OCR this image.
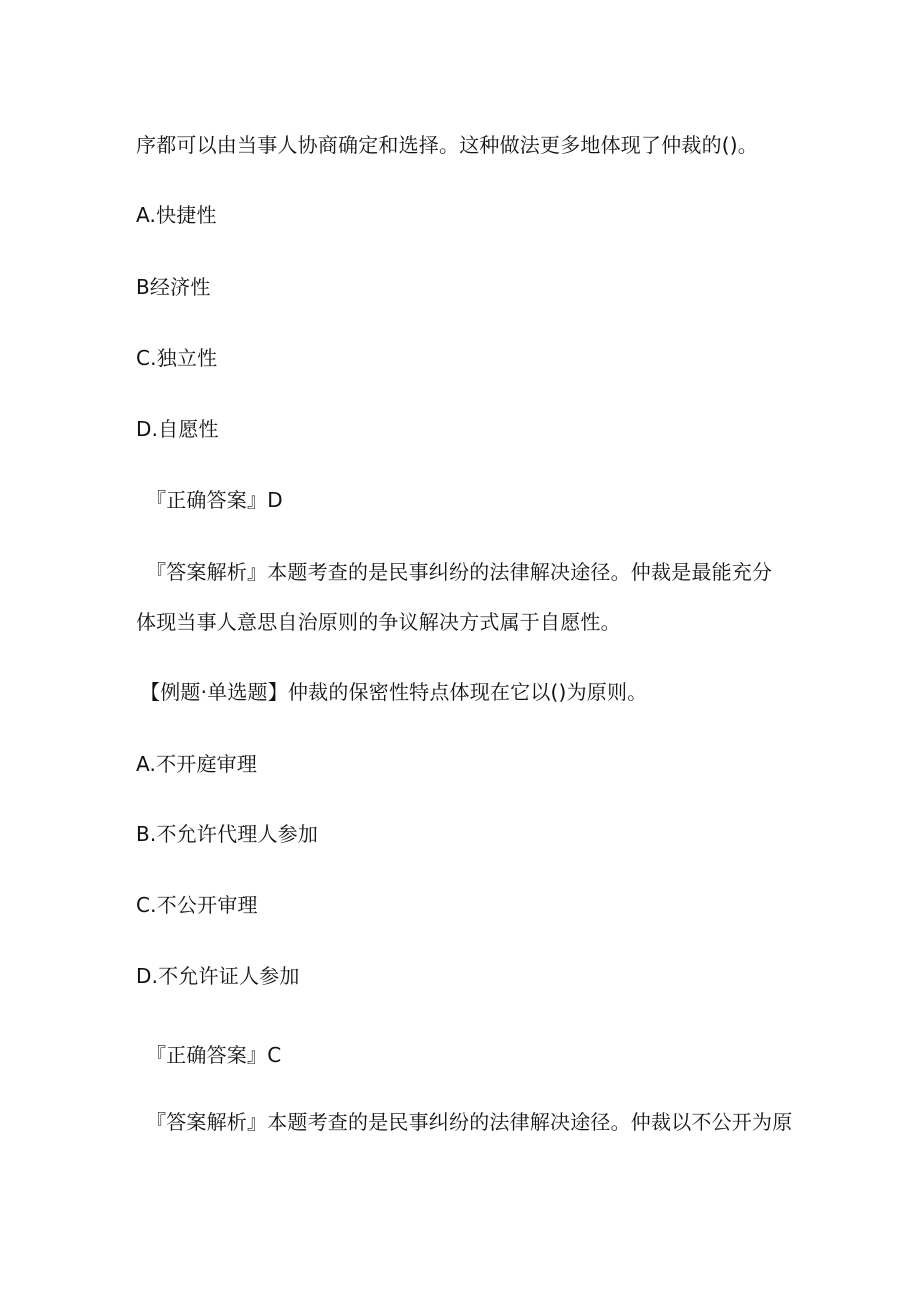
序都可以由当事人协商确定和选择。这种做法更多地体现了仲裁的()。
A.快捷性
B经济性
C.独立性
D.自愿性
『正确答案』D
『答案解析』本题考查的是民事纠纷的法律解决途径。仲裁是最能充分
体现当事人意思自治原则的争议解决方式属于自愿性。
【例题·单选题】仲裁的保密性特点体现在它以()为原则。
A.不开庭审理
B.不允许代理人参加
C.不公开审理
D.不允许证人参加
『正确答案』C
『答案解析』本题考查的是民事纠纷的法律解决途径。仲裁以不公开为原
